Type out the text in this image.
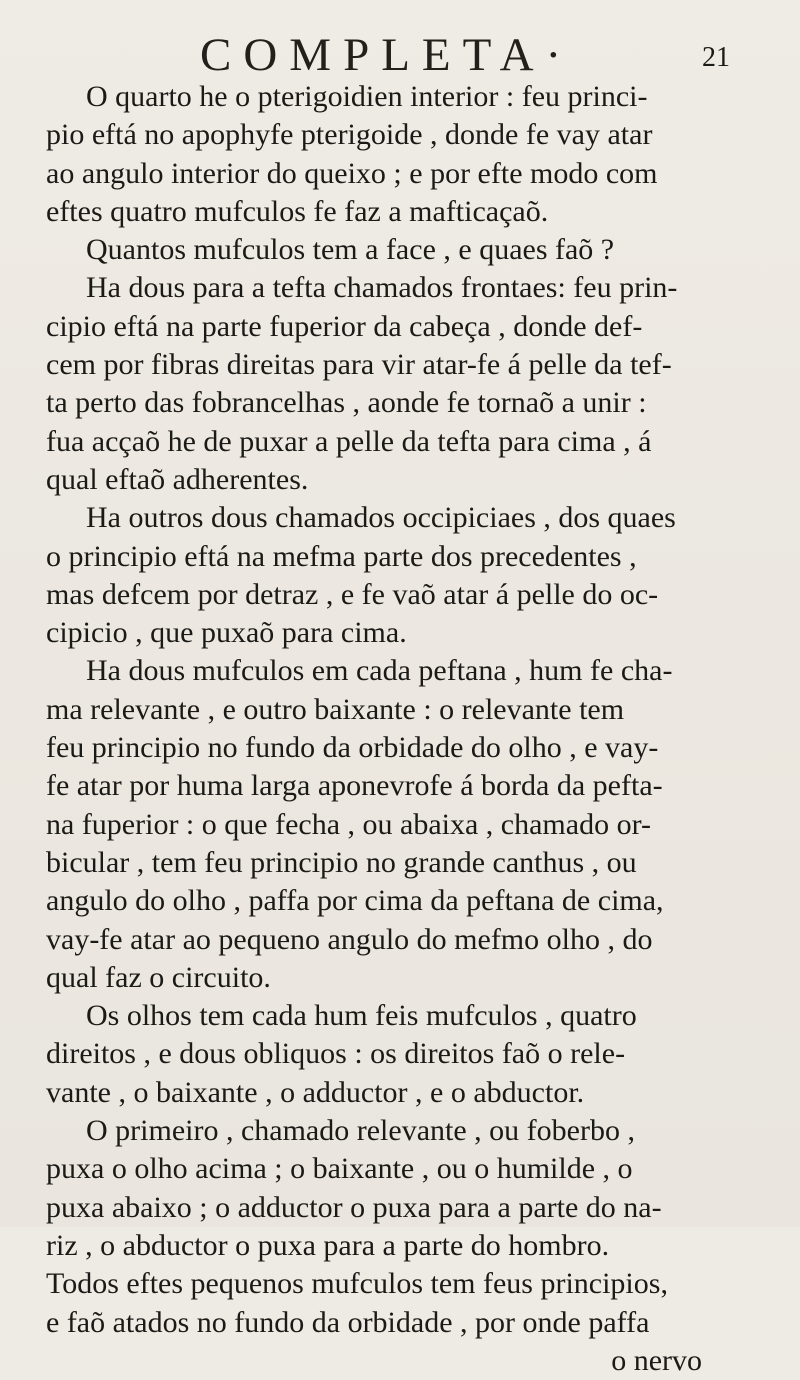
COMPLETA·	21
O quarto he o pterigoidien interior : feu princi-
pio eftá no apophyfe pterigoide , donde fe vay atar
ao angulo interior do queixo ; e por efte modo com
eftes quatro mufculos fe faz a mafticaçaõ.
Quantos mufculos tem a face , e quaes faõ ?
Ha dous para a tefta chamados frontaes: feu prin-
cipio eftá na parte fuperior da cabeça , donde def-
cem por fibras direitas para vir atar-fe á pelle da tef-
ta perto das fobrancelhas , aonde fe tornaõ a unir :
fua acçaõ he de puxar a pelle da tefta para cima , á
qual eftaõ adherentes.
Ha outros dous chamados occipiciaes , dos quaes
o principio eftá na mefma parte dos precedentes ,
mas defcem por detraz , e fe vaõ atar á pelle do oc-
cipicio , que puxaõ para cima.
Ha dous mufculos em cada peftana , hum fe cha-
ma relevante , e outro baixante : o relevante tem
feu principio no fundo da orbidade do olho , e vay-
fe atar por huma larga aponevrofe á borda da pefta-
na fuperior : o que fecha , ou abaixa , chamado or-
bicular , tem feu principio no grande canthus , ou
angulo do olho , paffa por cima da peftana de cima,
vay-fe atar ao pequeno angulo do mefmo olho , do
qual faz o circuito.
Os olhos tem cada hum feis mufculos , quatro
direitos , e dous obliquos : os direitos faõ o rele-
vante , o baixante , o adductor , e o abductor.
O primeiro , chamado relevante , ou foberbo ,
puxa o olho acima ; o baixante , ou o humilde , o
puxa abaixo ; o adductor o puxa para a parte do na-
riz , o abductor o puxa para a parte do hombro.
Todos eftes pequenos mufculos tem feus principios,
e faõ atados no fundo da orbidade , por onde paffa
o nervo
